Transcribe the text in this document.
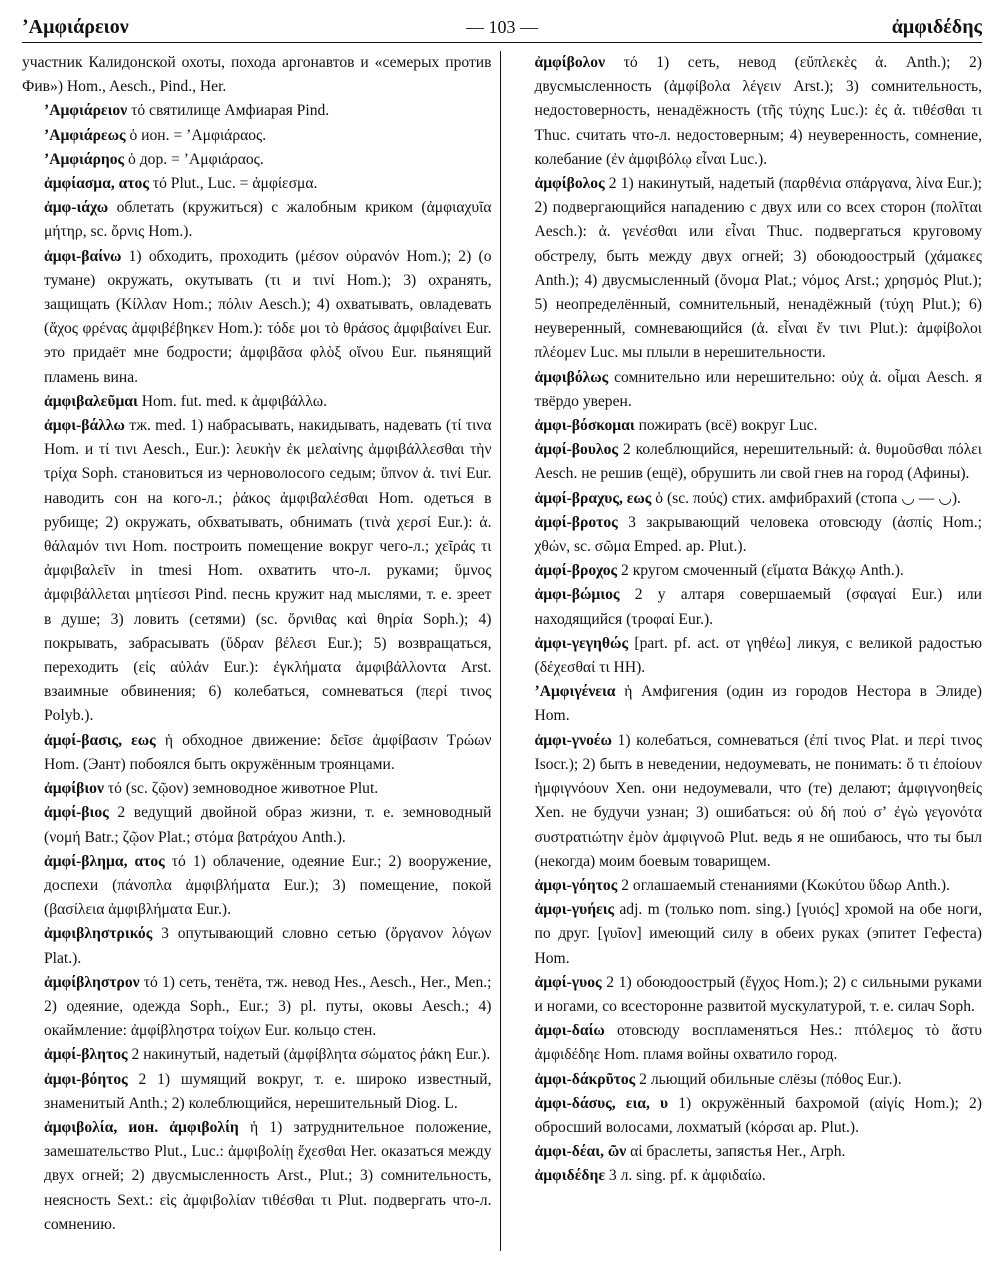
ʼΑμφιάρειον	— 103 —	ἀμφιδέδης

участник Калидонской охоты, похода аргонавтов и «семерых против Фив») Hom., Aesch., Pind., Her.

ʼΑμφιάρειον τό святилище Амфиарая Pind.

ʼΑμφιάρεως ὁ ион. = ʼΑμφιάραος.

ʼΑμφιάρηος ὁ дор. = ʼΑμφιάραος.

ἀμφίασμα, ατος τό Plut., Luc. = ἀμφίεσμα.

ἀμφ-ιάχω облетать (кружиться) с жалобным криком (ἀμφιαχυῖα μήτηρ, sc. ὄρνις Hom.).

ἀμφι-βαίνω 1) обходить, проходить (μέσον οὐρανόν Hom.); 2) (о тумане) окружать, окутывать (τι и τινί Hom.); 3) охранять, защищать (Κίλλαν Hom.; πόλιν Aesch.); 4) охватывать, овладевать (ἄχος φρένας ἀμφιβέβηκεν Hom.): τόδε μοι τὸ θράσος ἀμφιβαίνει Eur. это придаёт мне бодрости; ἀμφιβᾶσα φλὸξ οἴνου Eur. пьянящий пламень вина.

ἀμφιβαλεῦμαι Hom. fut. med. к ἀμφιβάλλω.

ἀμφι-βάλλω тж. med. 1) набрасывать, накидывать, надевать (τί τινα Hom. и τί τινι Aesch., Eur.): λευκὴν ἐκ μελαίνης ἀμφιβάλλεσθαι τὴν τρίχα Soph. становиться из черноволосого седым; ὕπνον ἀ. τινί Eur. наводить сон на кого-л.; ῥάκος ἀμφιβαλέσθαι Hom. одеться в рубище; 2) окружать, обхватывать, обнимать (τινὰ χερσί Eur.): ἀ. θάλαμόν τινι Hom. построить помещение вокруг чего-л.; χεῖράς τι ἀμφιβαλεῖν in tmesi Hom. охватить что-л. руками; ὕμνος ἀμφιβάλλεται μητίεσσι Pind. песнь кружит над мыслями, т. е. зреет в душе; 3) ловить (сетями) (sc. ὄρνιθας καὶ θηρία Soph.); 4) покрывать, забрасывать (ὕδραν βέλεσι Eur.); 5) возвращаться, переходить (εἰς αὐλάν Eur.): ἐγκλήματα ἀμφιβάλλοντα Arst. взаимные обвинения; 6) колебаться, сомневаться (περί τινος Polyb.).

ἀμφί-βασις, εως ἡ обходное движение: δεῖσε ἀμφίβασιν Τρώων Hom. (Эант) побоялся быть окружённым троянцами.

ἀμφίβιον τό (sc. ζῷον) земноводное животное Plut.

ἀμφί-βιος 2 ведущий двойной образ жизни, т. е. земноводный (νομή Batr.; ζῷον Plat.; στόμα βατράχου Anth.).

ἀμφί-βλημα, ατος τό 1) облачение, одеяние Eur.; 2) вооружение, доспехи (πάνοπλα ἀμφιβλήματα Eur.); 3) помещение, покой (βασίλεια ἀμφιβλήματα Eur.).

ἀμφιβληστρικός 3 опутывающий словно сетью (ὄργανον λόγων Plat.).

ἀμφίβληστρον τό 1) сеть, тенёта, тж. невод Hes., Aesch., Her., Men.; 2) одеяние, одежда Soph., Eur.; 3) pl. путы, оковы Aesch.; 4) окаймление: ἀμφίβληστρα τοίχων Eur. кольцо стен.

ἀμφί-βλητος 2 накинутый, надетый (ἀμφίβλητα σώματος ῥάκη Eur.).

ἀμφι-βόητος 2 1) шумящий вокруг, т. е. широко известный, знаменитый Anth.; 2) колеблющийся, нерешительный Diog. L.

ἀμφιβολία, ион. ἀμφιβολίη ἡ 1) затруднительное положение, замешательство Plut., Luc.: ἀμφιβολίῃ ἔχεσθαι Her. оказаться между двух огней; 2) двусмысленность Arst., Plut.; 3) сомнительность, неясность Sext.: εἰς ἀμφιβολίαν τιθέσθαι τι Plut. подвергать что-л. сомнению.

ἀμφίβολον τό 1) сеть, невод (εὔπλεκὲς ἀ. Anth.); 2) двусмысленность (ἀμφίβολα λέγειν Arst.); 3) сомнительность, недостоверность, ненадёжность (τῆς τύχης Luc.): ἐς ἀ. τιθέσθαι τι Thuc. считать что-л. недостоверным; 4) неуверенность, сомнение, колебание (ἐν ἀμφιβόλῳ εἶναι Luc.).

ἀμφίβολος 2 1) накинутый, надетый (παρθένια σπάργανα, λίνα Eur.); 2) подвергающийся нападению с двух или со всех сторон (πολῖται Aesch.): ἀ. γενέσθαι или εἶναι Thuc. подвергаться круговому обстрелу, быть между двух огней; 3) обоюдоострый (χάμακες Anth.); 4) двусмысленный (ὄνομα Plat.; νόμος Arst.; χρησμός Plut.); 5) неопределённый, сомнительный, ненадёжный (τύχη Plut.); 6) неуверенный, сомневающийся (ἀ. εἶναι ἔν τινι Plut.): ἀμφίβολοι πλέομεν Luc. мы плыли в нерешительности.

ἀμφιβόλως сомнительно или нерешительно: οὐχ ἀ. οἶμαι Aesch. я твёрдо уверен.

ἀμφι-βόσκομαι пожирать (всё) вокруг Luc.

ἀμφί-βουλος 2 колеблющийся, нерешительный: ἀ. θυμοῦσθαι πόλει Aesch. не решив (ещё), обрушить ли свой гнев на город (Афины).

ἀμφί-βραχυς, εως ὁ (sc. πούς) стих. амфибрахий (стопа ◡ — ◡).

ἀμφί-βροτος 3 закрывающий человека отовсюду (ἀσπίς Hom.; χθών, sc. σῶμα Emped. ap. Plut.).

ἀμφί-βροχος 2 кругом смоченный (εἵματα Βάκχῳ Anth.).

ἀμφι-βώμιος 2 у алтаря совершаемый (σφαγαί Eur.) или находящийся (τροφαί Eur.).

ἀμφι-γεγηθώς [part. pf. act. от γηθέω] ликуя, с великой радостью (δέχεσθαί τι HH).

ʼΑμφιγένεια ἡ Амфигения (один из городов Нестора в Элиде) Hom.

ἀμφι-γνοέω 1) колебаться, сомневаться (ἐπί τινος Plat. и περί τινος Isocr.); 2) быть в неведении, недоумевать, не понимать: ὅ τι ἐποίουν ἠμφιγνόουν Xen. они недоумевали, что (те) делают; ἀμφιγνοηθείς Xen. не будучи узнан; 3) ошибаться: οὐ δή πού σʼ ἐγὼ γεγονότα συστρατιώτην ἐμὸν ἀμφιγνοῶ Plut. ведь я не ошибаюсь, что ты был (некогда) моим боевым товарищем.

ἀμφι-γόητος 2 оглашаемый стенаниями (Κωκύτου ὕδωρ Anth.).

ἀμφι-γυήεις adj. m (только nom. sing.) [γυιός] хромой на обе ноги, по друг. [γυῖον] имеющий силу в обеих руках (эпитет Гефеста) Hom.

ἀμφί-γυος 2 1) обоюдоострый (ἔγχος Hom.); 2) с сильными руками и ногами, со всесторонне развитой мускулатурой, т. е. силач Soph.

ἀμφι-δαίω отовсюду воспламеняться Hes.: πτόλεμος τὸ ἄστυ ἀμφιδέδηε Hom. пламя войны охватило город.

ἀμφι-δάκρῦτος 2 льющий обильные слёзы (πόθος Eur.).

ἀμφι-δάσυς, εια, υ 1) окружённый бахромой (αἰγίς Hom.); 2) обросший волосами, лохматый (κόρσαι ap. Plut.).

ἀμφι-δέαι, ῶν αἱ браслеты, запястья Her., Arph.

ἀμφιδέδηε 3 л. sing. pf. к ἀμφιδαίω.
